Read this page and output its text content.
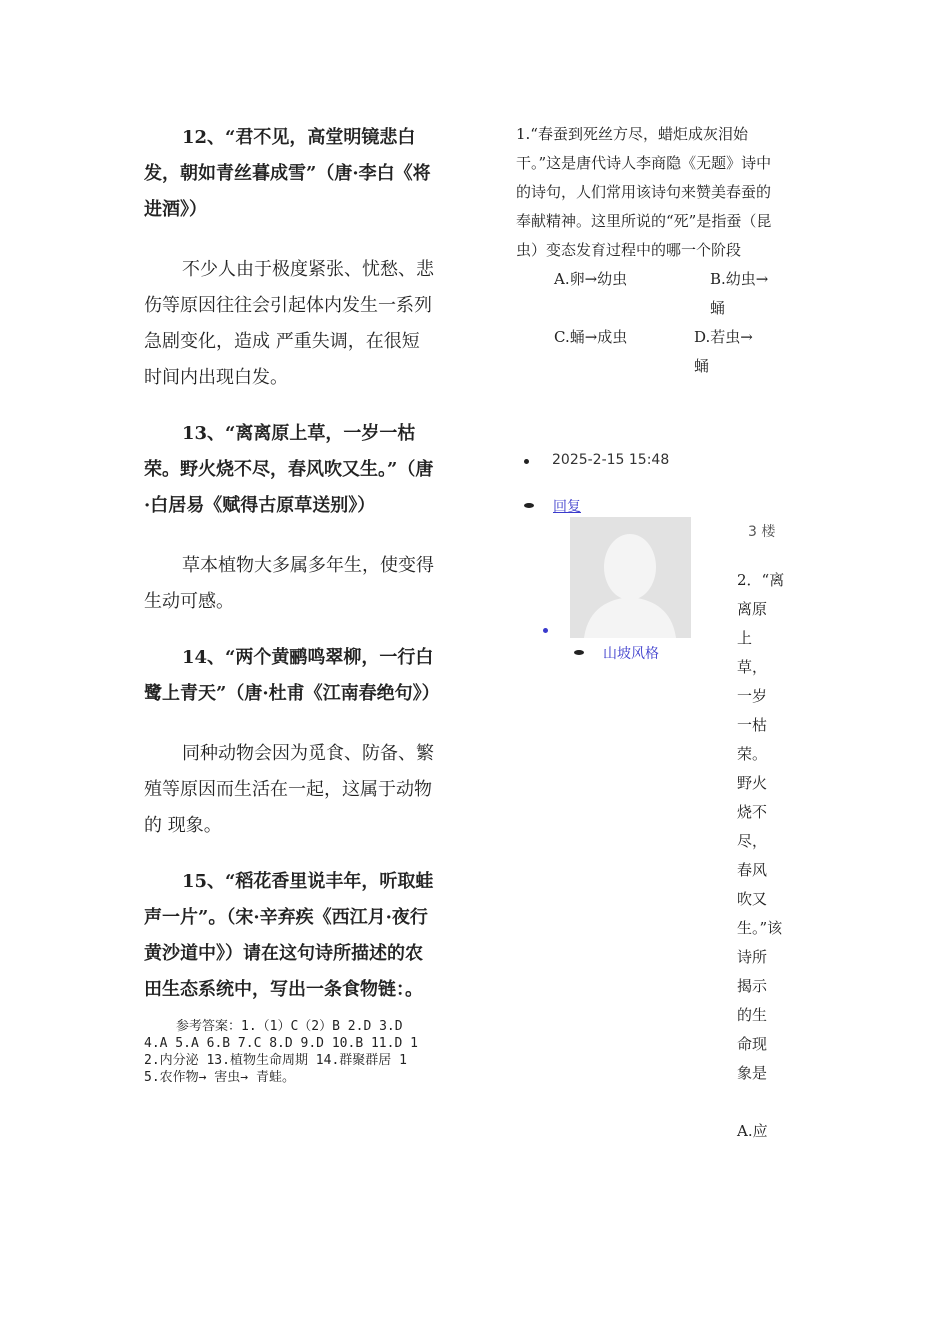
12、“君不见，高堂明镜悲白发，朝如青丝暮成雪”（唐·李白《将进酒》）

不少人由于极度紧张、忧愁、悲伤等原因往往会引起体内发生一系列急剧变化，造成 严重失调，在很短时间内出现白发。

13、“离离原上草，一岁一枯荣。野火烧不尽，春风吹又生。”（唐·白居易《赋得古原草送别》）

草本植物大多属多年生，使变得生动可感。

14、“两个黄鹂鸣翠柳，一行白鹭上青天”（唐·杜甫《江南春绝句》）

同种动物会因为觅食、防备、繁殖等原因而生活在一起，这属于动物的 现象。

15、“稻花香里说丰年，听取蛙声一片”。（宋·辛弃疾《西江月·夜行黄沙道中》）请在这句诗所描述的农田生态系统中，写出一条食物链：。

参考答案：1.（1）C（2）B 2.D 3.D 4.A 5.A 6.B 7.C 8.D 9.D 10.B 11.D 12.内分泌 13.植物生命周期 14.群聚群居 15.农作物→ 害虫→ 青蛙。

1.“春蚕到死丝方尽，蜡炬成灰泪始干。”这是唐代诗人李商隐《无题》诗中的诗句，人们常用该诗句来赞美春蚕的奉献精神。这里所说的“死”是指蚕（昆虫）变态发育过程中的哪一个阶段

A.卵→幼虫	B.幼虫→蛹
C.蛹→成虫	D.若虫→蛹
2025-2-15 15:48
回复
3 楼
山坡风格
2．“离离原上草，一岁一枯荣。野火烧不尽，春风吹又生。”该诗所揭示的生命现象是
A.应
